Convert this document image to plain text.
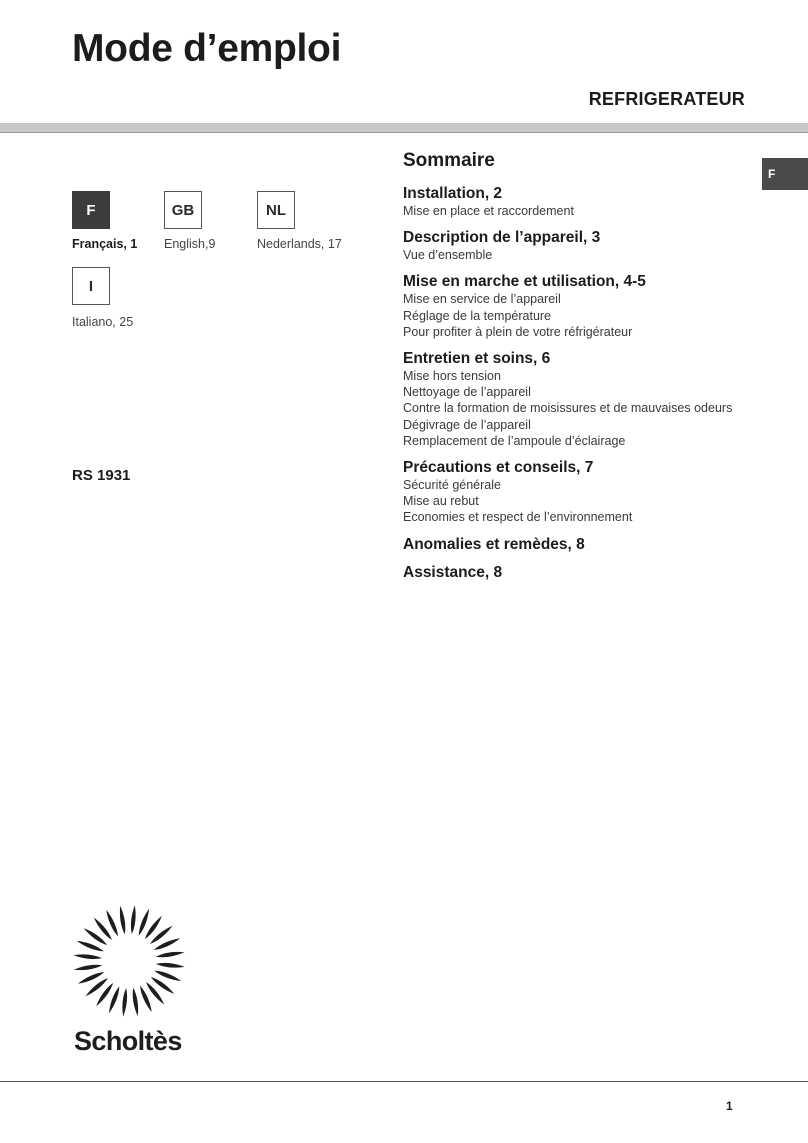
Mode d’emploi
REFRIGERATEUR
F
F
Français, 1
GB
English,9
NL
Nederlands, 17
I
Italiano, 25
RS 1931
Sommaire
Installation, 2
Mise en place et raccordement
Description de l’appareil, 3
Vue d’ensemble
Mise en marche et utilisation, 4-5
Mise en service de l’appareil
Réglage de la température
Pour profiter à plein de votre réfrigérateur
Entretien et soins, 6
Mise hors tension
Nettoyage de l’appareil
Contre la formation de moisissures et de mauvaises odeurs
Dégivrage de l’appareil
Remplacement de l’ampoule d’éclairage
Précautions et conseils, 7
Sécurité générale
Mise au rebut
Economies et respect de l’environnement
Anomalies et remèdes, 8
Assistance, 8
Scholtès
1
